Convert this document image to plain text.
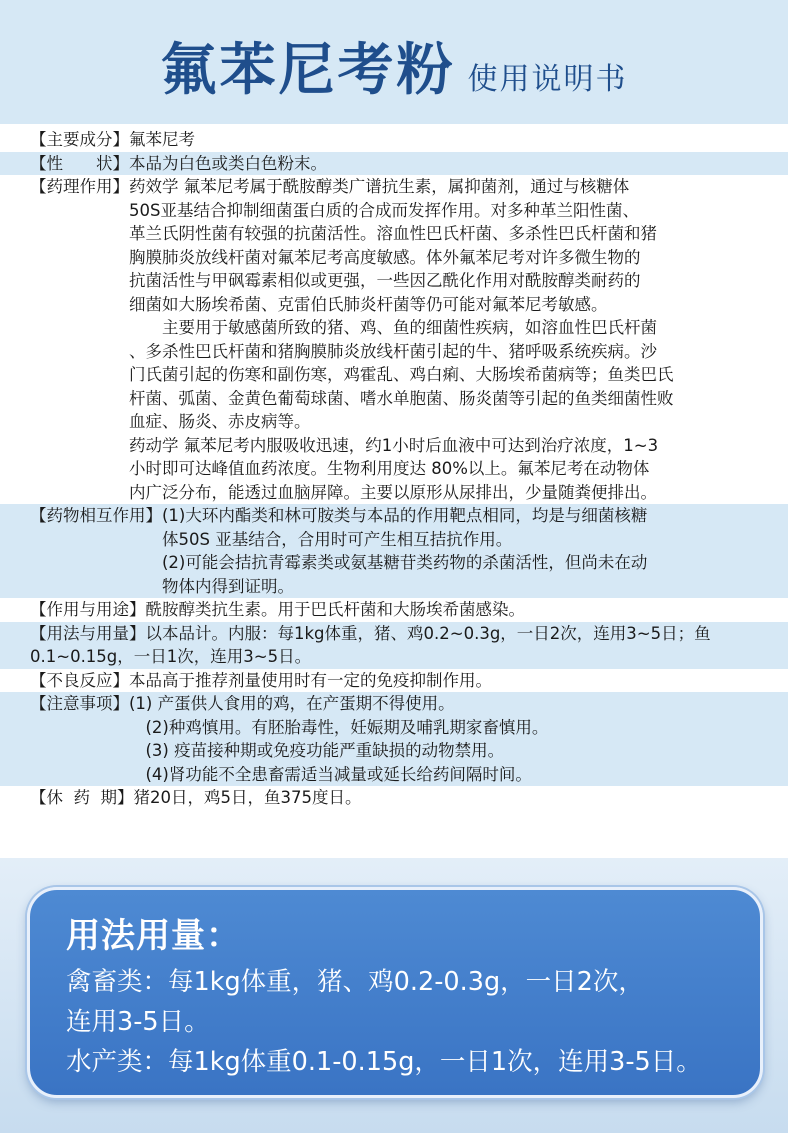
氟苯尼考粉 使用说明书
【主要成分】 氟苯尼考
【性　　状】 本品为白色或类白色粉末。
【药理作用】 药效学 氟苯尼考属于酰胺醇类广谱抗生素，属抑菌剂，通过与核糖体
50S亚基结合抑制细菌蛋白质的合成而发挥作用。对多种革兰阳性菌、
革兰氏阴性菌有较强的抗菌活性。溶血性巴氏杆菌、多杀性巴氏杆菌和猪
胸膜肺炎放线杆菌对氟苯尼考高度敏感。体外氟苯尼考对许多微生物的
抗菌活性与甲砜霉素相似或更强，一些因乙酰化作用对酰胺醇类耐药的
细菌如大肠埃希菌、克雷伯氏肺炎杆菌等仍可能对氟苯尼考敏感。
　　主要用于敏感菌所致的猪、鸡、鱼的细菌性疾病，如溶血性巴氏杆菌
、多杀性巴氏杆菌和猪胸膜肺炎放线杆菌引起的牛、猪呼吸系统疾病。沙
门氏菌引起的伤寒和副伤寒，鸡霍乱、鸡白痢、大肠埃希菌病等；鱼类巴氏
杆菌、弧菌、金黄色葡萄球菌、嗜水单胞菌、肠炎菌等引起的鱼类细菌性败
血症、肠炎、赤皮病等。
药动学 氟苯尼考内服吸收迅速，约1小时后血液中可达到治疗浓度，1~3
小时即可达峰值血药浓度。生物利用度达 80%以上。氟苯尼考在动物体
内广泛分布，能透过血脑屏障。主要以原形从尿排出，少量随粪便排出。
【药物相互作用】 (1)大环内酯类和林可胺类与本品的作用靶点相同，均是与细菌核糖
体50S 亚基结合，合用时可产生相互拮抗作用。
(2)可能会拮抗青霉素类或氨基糖苷类药物的杀菌活性，但尚未在动
物体内得到证明。
【作用与用途】 酰胺醇类抗生素。用于巴氏杆菌和大肠埃希菌感染。
【用法与用量】 以本品计。内服：每1kg体重，猪、鸡0.2~0.3g，一日2次，连用3~5日；鱼
0.1~0.15g，一日1次，连用3~5日。
【不良反应】 本品高于推荐剂量使用时有一定的免疫抑制作用。
【注意事项】 (1) 产蛋供人食用的鸡，在产蛋期不得使用。
　(2)种鸡慎用。有胚胎毒性，妊娠期及哺乳期家畜慎用。
　(3) 疫苗接种期或免疫功能严重缺损的动物禁用。
　(4)肾功能不全患畜需适当减量或延长给药间隔时间。
【休  药  期】 猪20日，鸡5日，鱼375度日。
用法用量：
禽畜类：每1kg体重，猪、鸡0.2-0.3g，一日2次，
连用3-5日。
水产类：每1kg体重0.1-0.15g，一日1次，连用3-5日。
